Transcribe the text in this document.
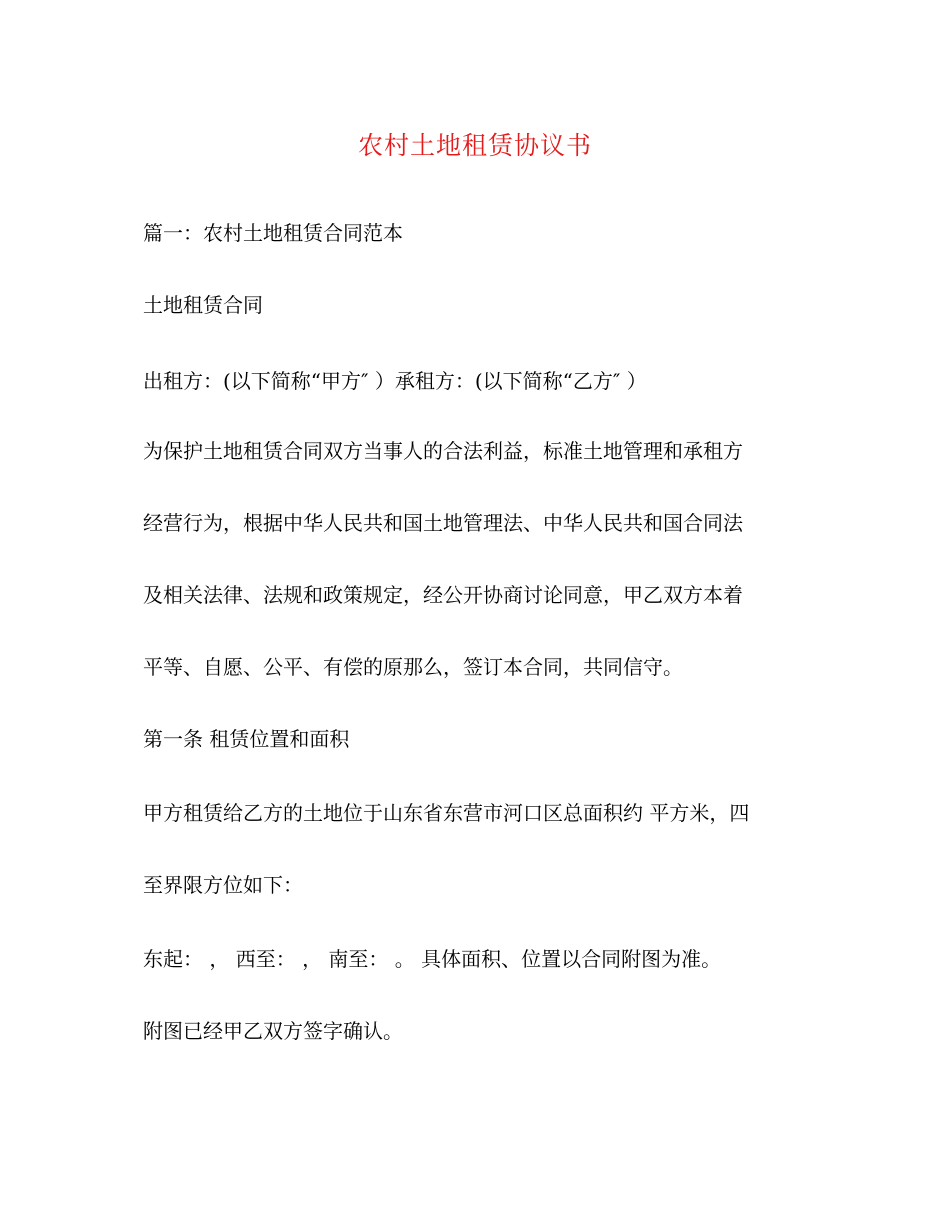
农村土地租赁协议书
篇一：农村土地租赁合同范本
土地租赁合同
出租方：(以下简称“甲方″ ）承租方：(以下简称“乙方″ ）
为保护土地租赁合同双方当事人的合法利益，标准土地管理和承租方
经营行为，根据中华人民共和国土地管理法、中华人民共和国合同法
及相关法律、法规和政策规定，经公开协商讨论同意，甲乙双方本着
平等、自愿、公平、有偿的原那么，签订本合同，共同信守。
第一条 租赁位置和面积
甲方租赁给乙方的土地位于山东省东营市河口区总面积约 平方米，四
至界限方位如下：
东起： ， 西至： ， 南至： 。 具体面积、位置以合同附图为准。
附图已经甲乙双方签字确认。
